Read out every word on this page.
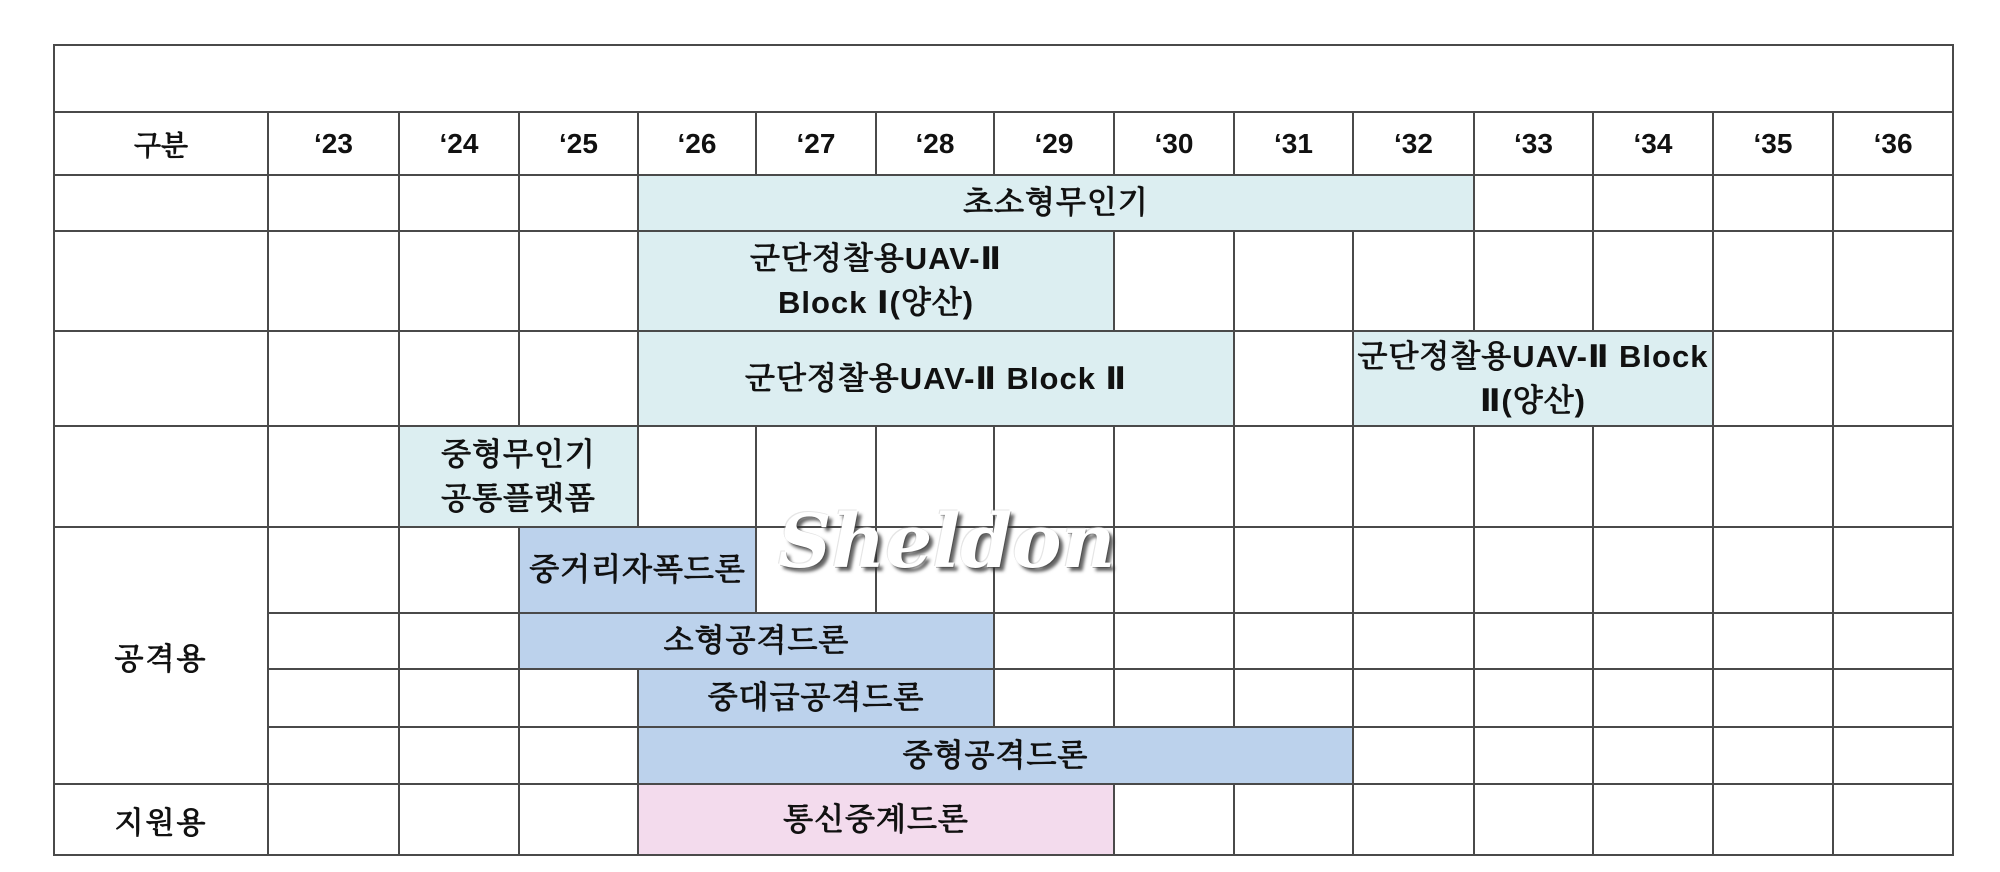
구분	‘23	‘24	‘25	‘26	‘27	‘28	‘29	‘30	‘31	‘32	‘33	‘34	‘35	‘36

				초소형무인기										

				군단정찰용UAV-Ⅱ
Block Ⅰ(양산)										

				군단정찰용UAV-Ⅱ Block Ⅱ						군단정찰용UAV-Ⅱ Block
Ⅱ(양산)				

		중형무인기
공통플랫폼												

공격용			중거리자폭드론											

			소형공격드론											

				중대급공격드론										

				중형공격드론										

지원용				통신중계드론										

Sheldon
